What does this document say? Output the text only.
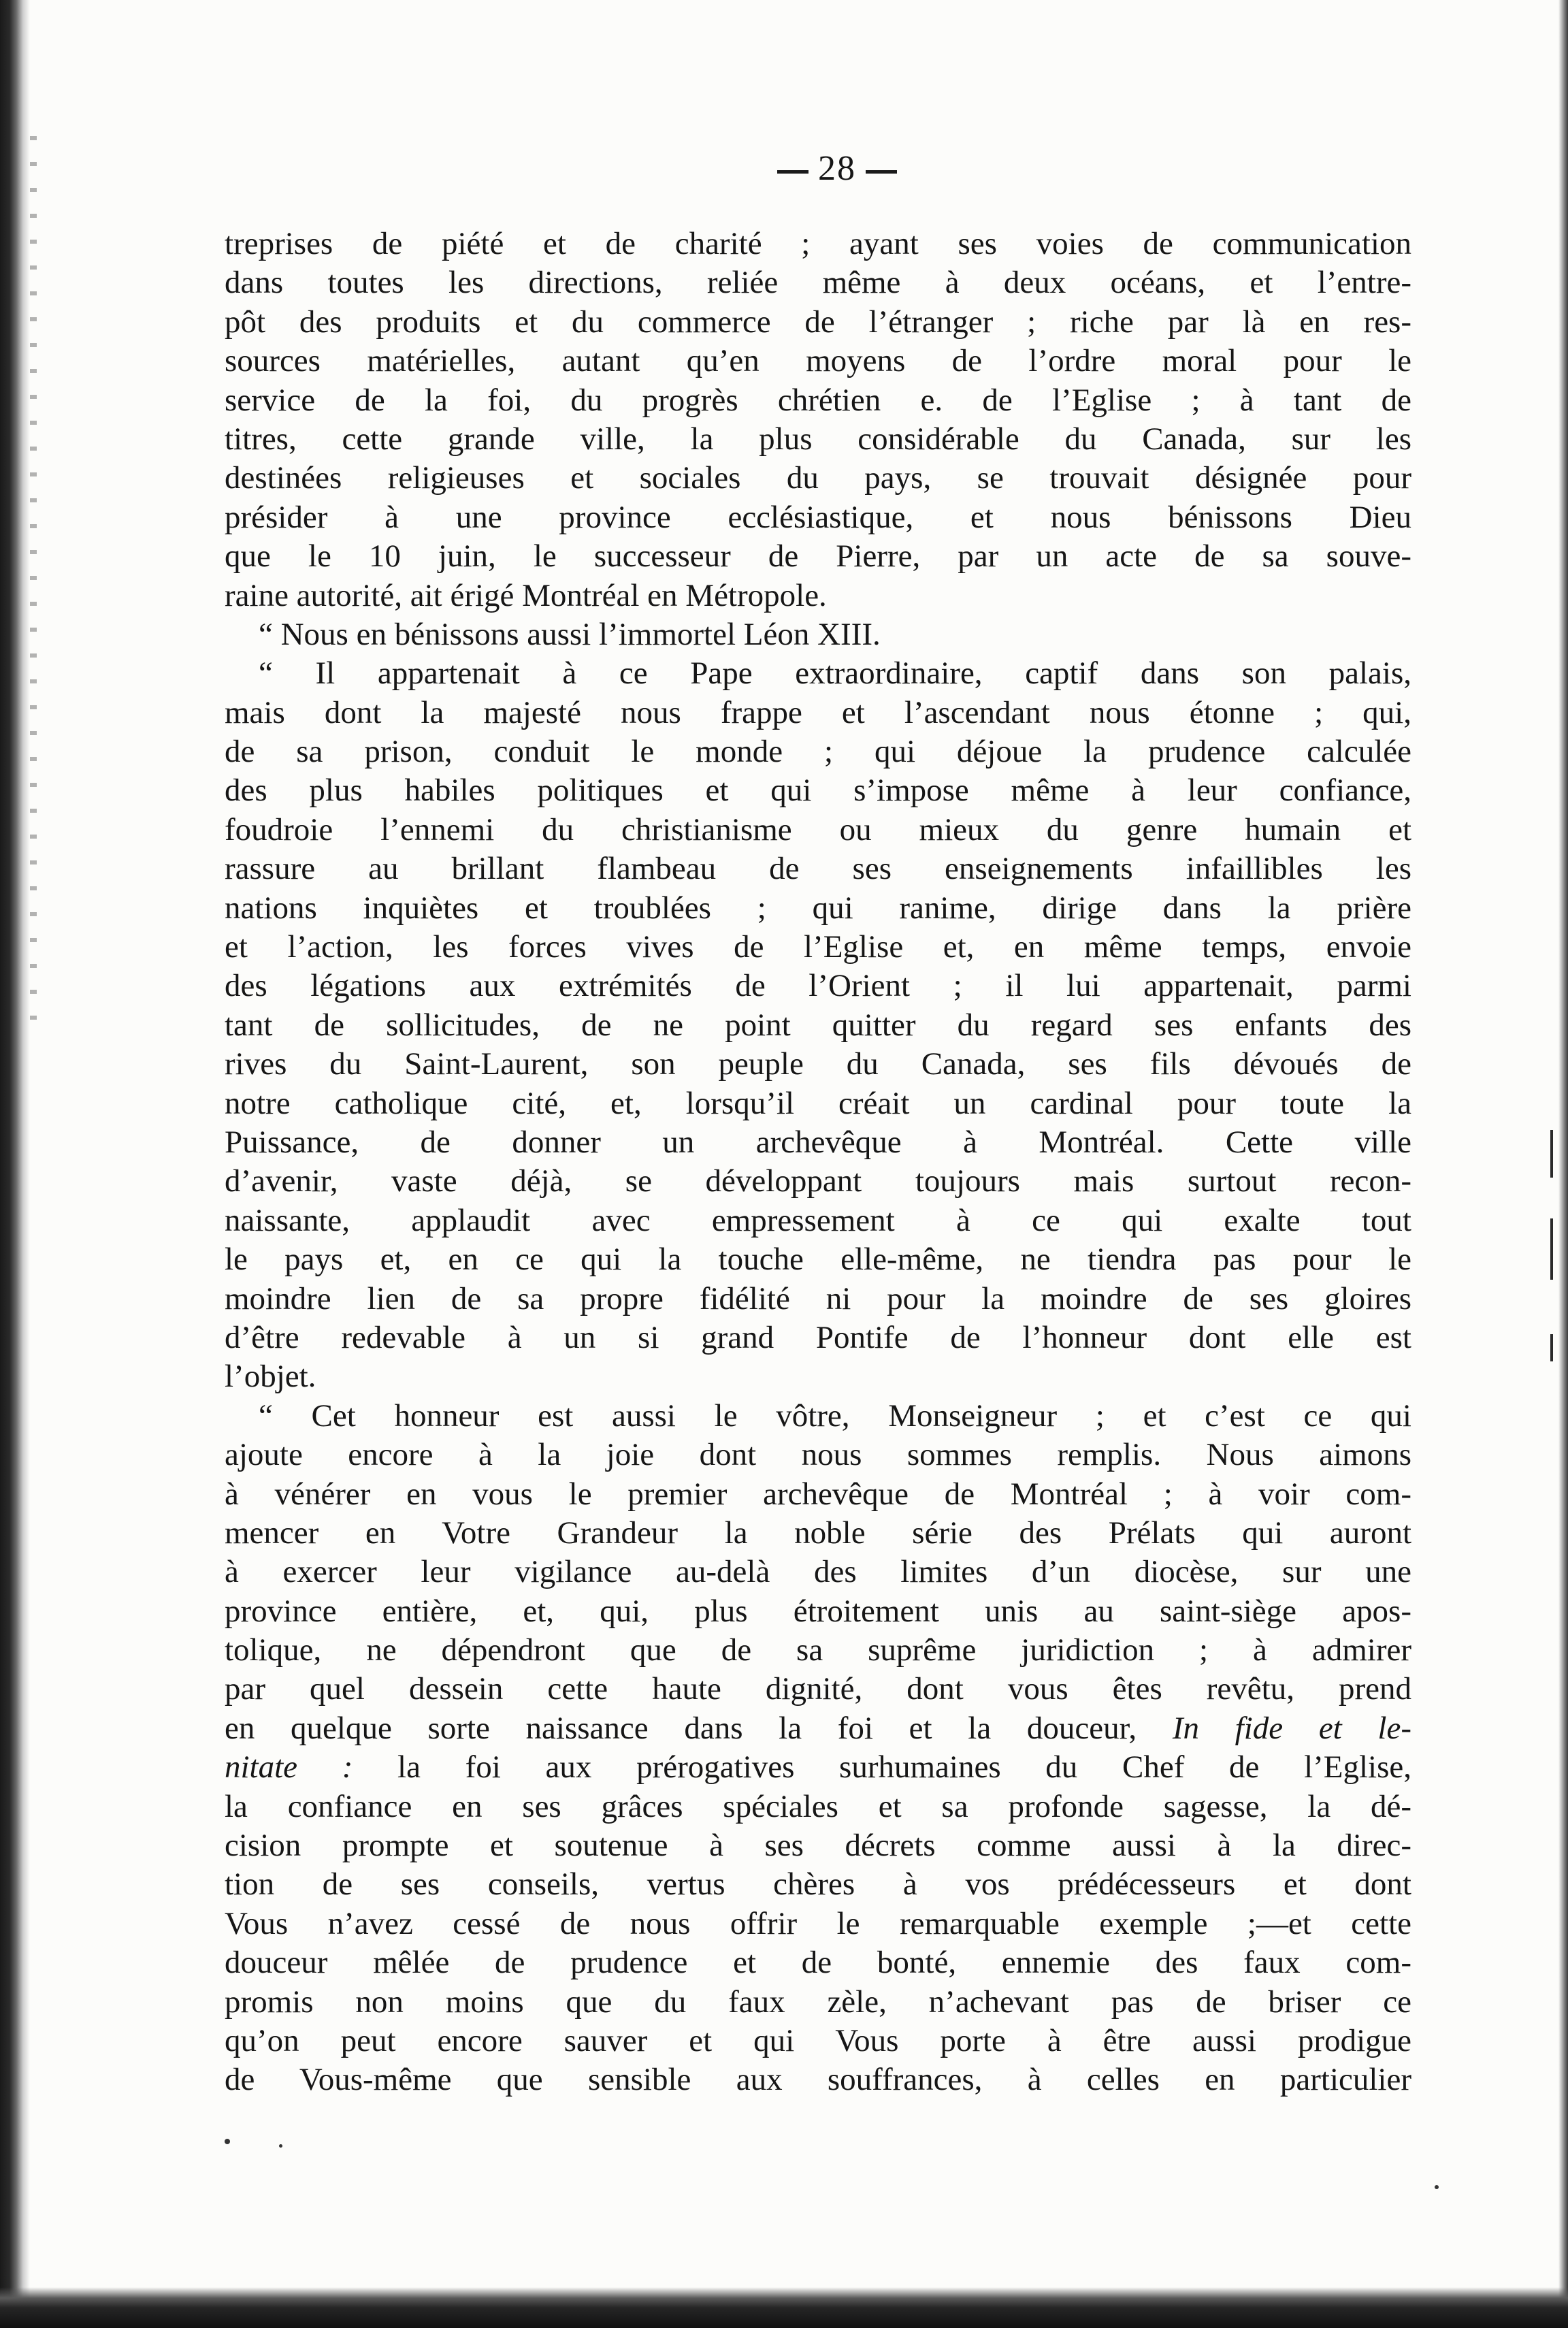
28
treprises de piété et de charité ; ayant ses voies de communication
dans toutes les directions, reliée même à deux océans, et l’entre-
pôt des produits et du commerce de l’étranger ; riche par là en res-
sources matérielles, autant qu’en moyens de l’ordre moral pour le
service de la foi, du progrès chrétien e. de l’Eglise ; à tant de
titres, cette grande ville, la plus considérable du Canada, sur les
destinées religieuses et sociales du pays, se trouvait désignée pour
présider à une province ecclésiastique, et nous bénissons Dieu
que le 10 juin, le successeur de Pierre, par un acte de sa souve-
raine autorité, ait érigé Montréal en Métropole.
“ Nous en bénissons aussi l’immortel Léon XIII.
“ Il appartenait à ce Pape extraordinaire, captif dans son palais,
mais dont la majesté nous frappe et l’ascendant nous étonne ; qui,
de sa prison, conduit le monde ; qui déjoue la prudence calculée
des plus habiles politiques et qui s’impose même à leur confiance,
foudroie l’ennemi du christianisme ou mieux du genre humain et
rassure au brillant flambeau de ses enseignements infaillibles les
nations inquiètes et troublées ; qui ranime, dirige dans la prière
et l’action, les forces vives de l’Eglise et, en même temps, envoie
des légations aux extrémités de l’Orient ; il lui appartenait, parmi
tant de sollicitudes, de ne point quitter du regard ses enfants des
rives du Saint-Laurent, son peuple du Canada, ses fils dévoués de
notre catholique cité, et, lorsqu’il créait un cardinal pour toute la
Puissance, de donner un archevêque à Montréal. Cette ville
d’avenir, vaste déjà, se développant toujours mais surtout recon-
naissante, applaudit avec empressement à ce qui exalte tout
le pays et, en ce qui la touche elle-même, ne tiendra pas pour le
moindre lien de sa propre fidélité ni pour la moindre de ses gloires
d’être redevable à un si grand Pontife de l’honneur dont elle est
l’objet.
“ Cet honneur est aussi le vôtre, Monseigneur ; et c’est ce qui
ajoute encore à la joie dont nous sommes remplis. Nous aimons
à vénérer en vous le premier archevêque de Montréal ; à voir com-
mencer en Votre Grandeur la noble série des Prélats qui auront
à exercer leur vigilance au-delà des limites d’un diocèse, sur une
province entière, et, qui, plus étroitement unis au saint-siège apos-
tolique, ne dépendront que de sa suprême juridiction ; à admirer
par quel dessein cette haute dignité, dont vous êtes revêtu, prend
en quelque sorte naissance dans la foi et la douceur, In fide et le-
nitate : la foi aux prérogatives surhumaines du Chef de l’Eglise,
la confiance en ses grâces spéciales et sa profonde sagesse, la dé-
cision prompte et soutenue à ses décrets comme aussi à la direc-
tion de ses conseils, vertus chères à vos prédécesseurs et dont
Vous n’avez cessé de nous offrir le remarquable exemple ;—et cette
douceur mêlée de prudence et de bonté, ennemie des faux com-
promis non moins que du faux zèle, n’achevant pas de briser ce
qu’on peut encore sauver et qui Vous porte à être aussi prodigue
de Vous-même que sensible aux souffrances, à celles en particulier
